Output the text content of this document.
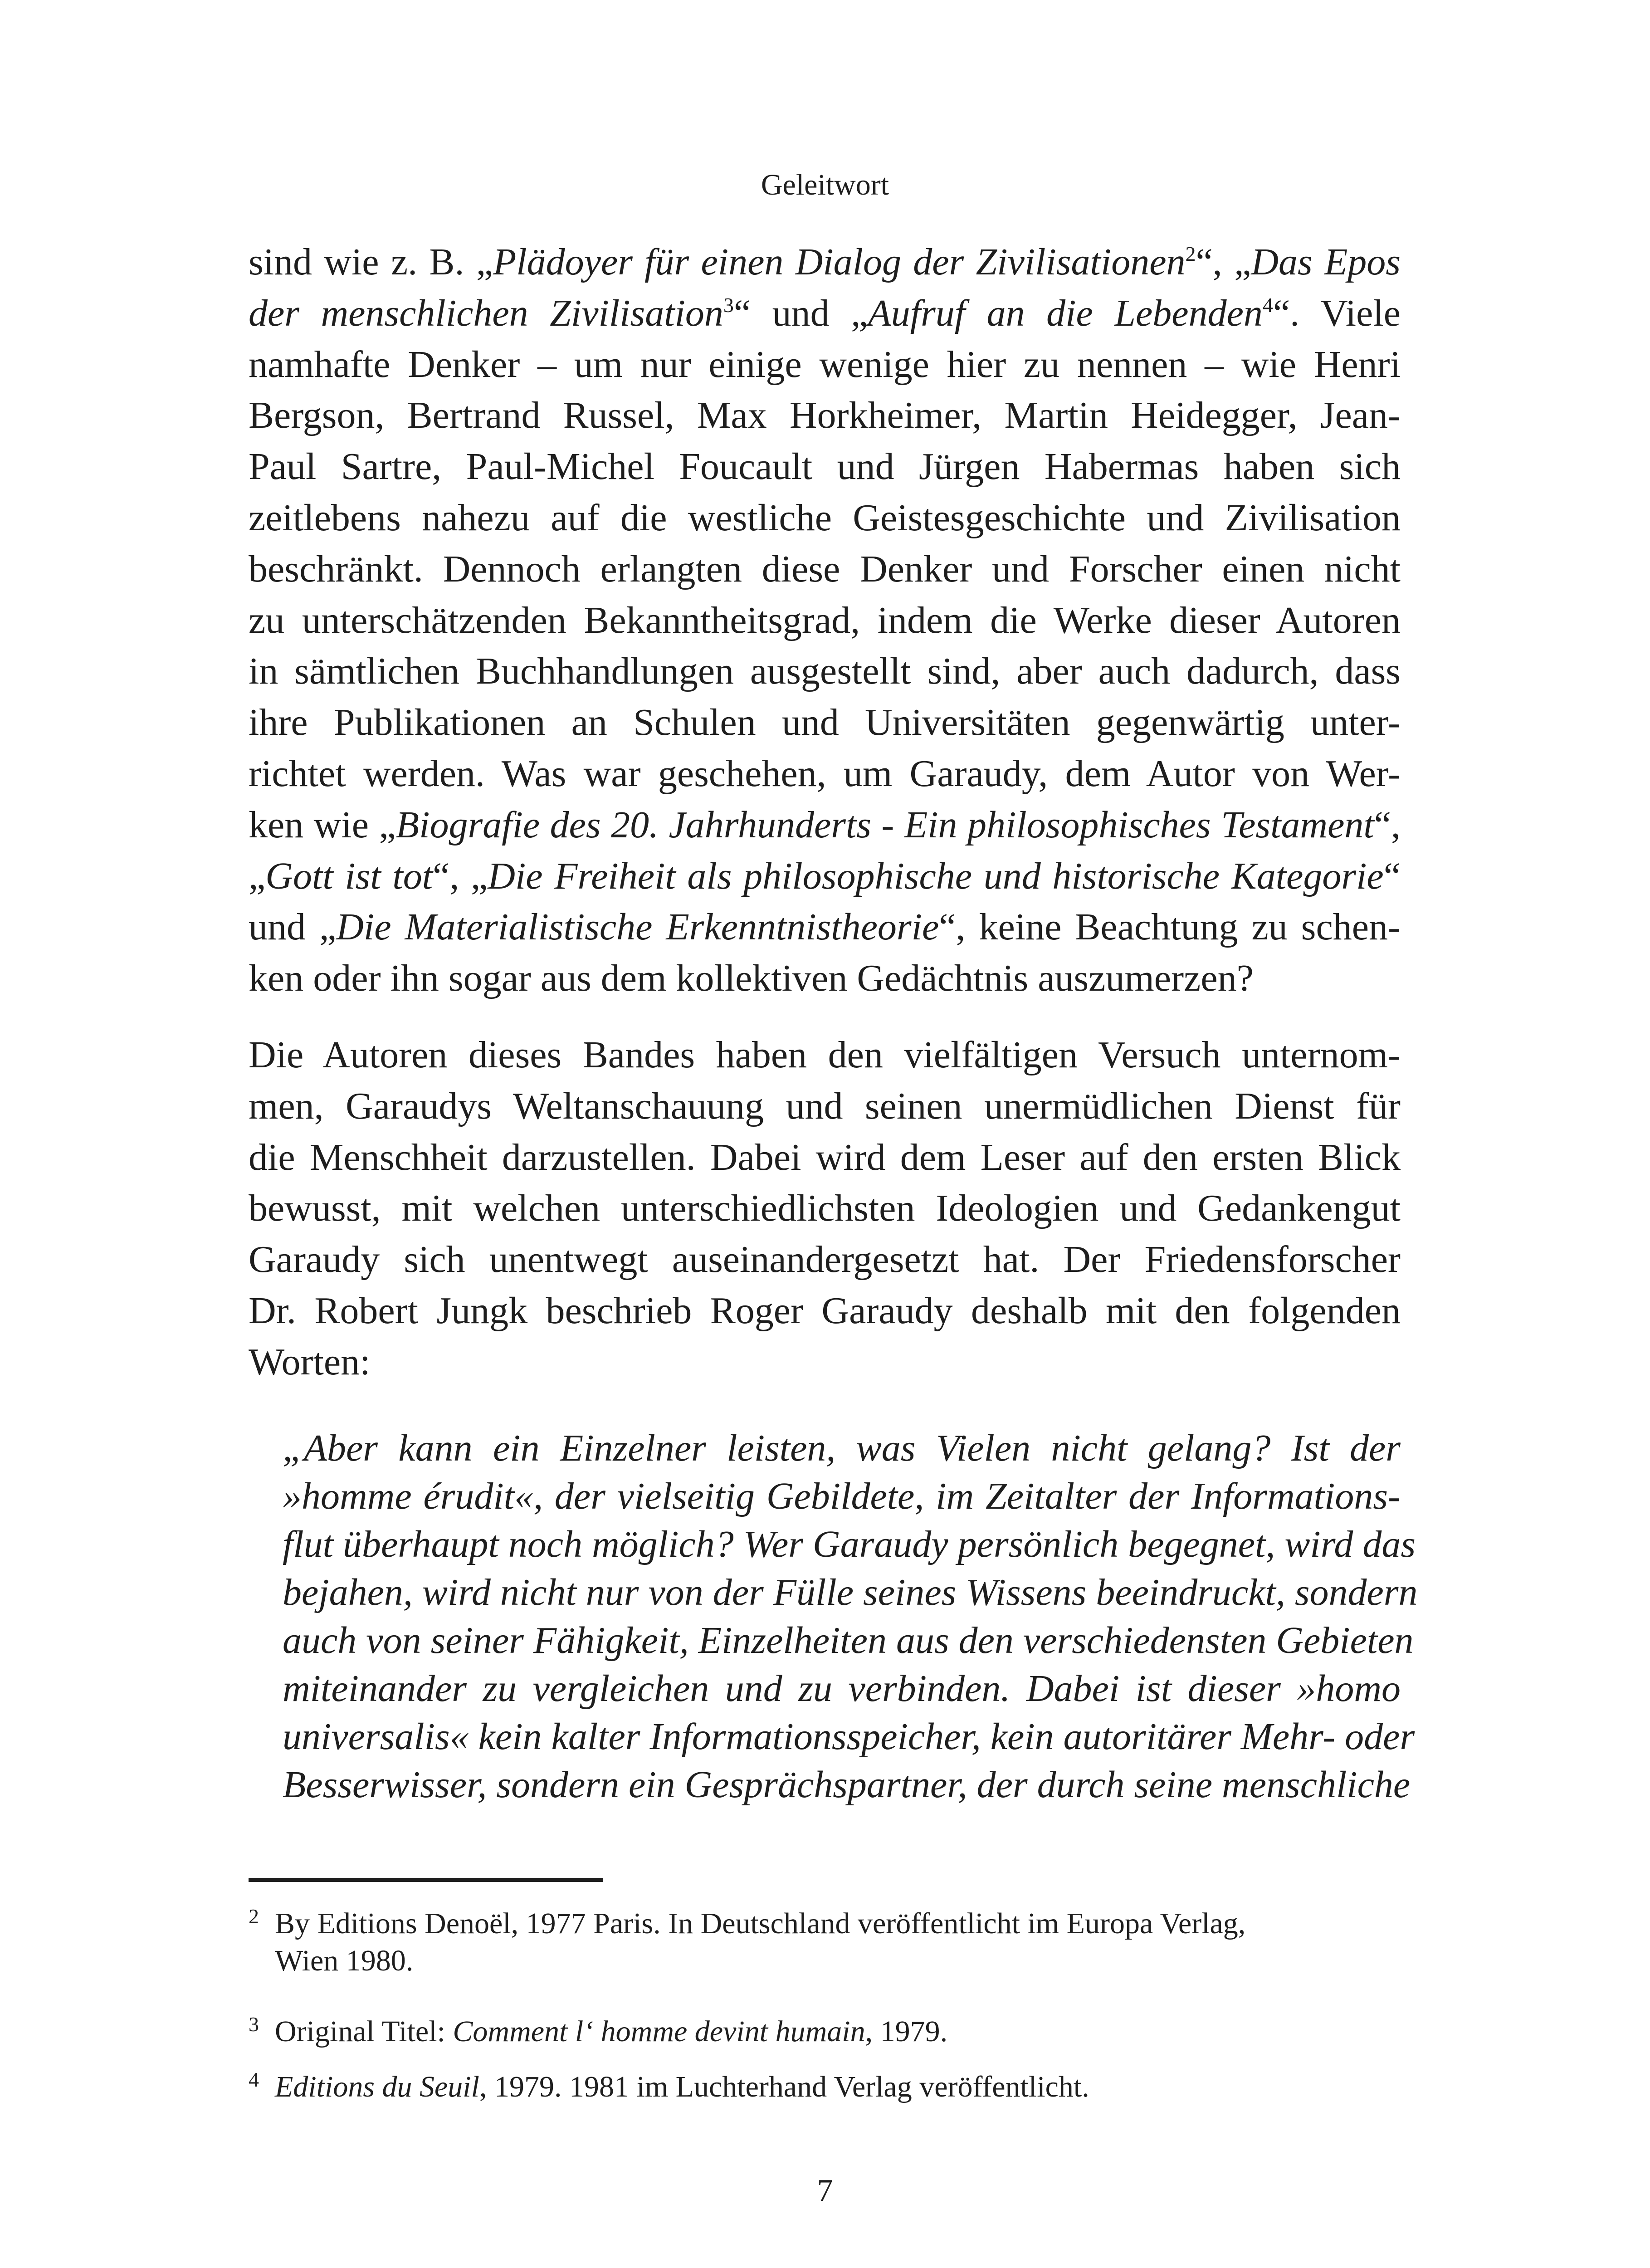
Geleitwort
sind wie z. B. „Plädoyer für einen Dialog der Zivilisationen$^2$“, „Das Epos
der menschlichen Zivilisation$^3$“ und „Aufruf an die Lebenden$^4$“. Viele
namhafte Denker – um nur einige wenige hier zu nennen – wie Henri
Bergson, Bertrand Russel, Max Horkheimer, Martin Heidegger, Jean-
Paul Sartre, Paul-Michel Foucault und Jürgen Habermas haben sich
zeitlebens nahezu auf die westliche Geistesgeschichte und Zivilisation
beschränkt. Dennoch erlangten diese Denker und Forscher einen nicht
zu unterschätzenden Bekanntheitsgrad, indem die Werke dieser Autoren
in sämtlichen Buchhandlungen ausgestellt sind, aber auch dadurch, dass
ihre Publikationen an Schulen und Universitäten gegenwärtig unter-
richtet werden. Was war geschehen, um Garaudy, dem Autor von Wer-
ken wie „Biografie des 20. Jahrhunderts - Ein philosophisches Testament“,
„Gott ist tot“, „Die Freiheit als philosophische und historische Kategorie“
und „Die Materialistische Erkenntnistheorie“, keine Beachtung zu schen-
ken oder ihn sogar aus dem kollektiven Gedächtnis auszumerzen?
Die Autoren dieses Bandes haben den vielfältigen Versuch unternom-
men, Garaudys Weltanschauung und seinen unermüdlichen Dienst für
die Menschheit darzustellen. Dabei wird dem Leser auf den ersten Blick
bewusst, mit welchen unterschiedlichsten Ideologien und Gedankengut
Garaudy sich unentwegt auseinandergesetzt hat. Der Friedensforscher
Dr. Robert Jungk beschrieb Roger Garaudy deshalb mit den folgenden
Worten:
„Aber kann ein Einzelner leisten, was Vielen nicht gelang? Ist der
»homme érudit«, der vielseitig Gebildete, im Zeitalter der Informations-
flut überhaupt noch möglich? Wer Garaudy persönlich begegnet, wird das
bejahen, wird nicht nur von der Fülle seines Wissens beeindruckt, sondern
auch von seiner Fähigkeit, Einzelheiten aus den verschiedensten Gebieten
miteinander zu vergleichen und zu verbinden. Dabei ist dieser »homo
universalis« kein kalter Informationsspeicher, kein autoritärer Mehr- oder
Besserwisser, sondern ein Gesprächspartner, der durch seine menschliche
2 By Editions Denoël, 1977 Paris. In Deutschland veröffentlicht im Europa Verlag,
Wien 1980.
3 Original Titel: Comment l‘ homme devint humain, 1979.
4 Editions du Seuil, 1979. 1981 im Luchterhand Verlag veröffentlicht.
7
